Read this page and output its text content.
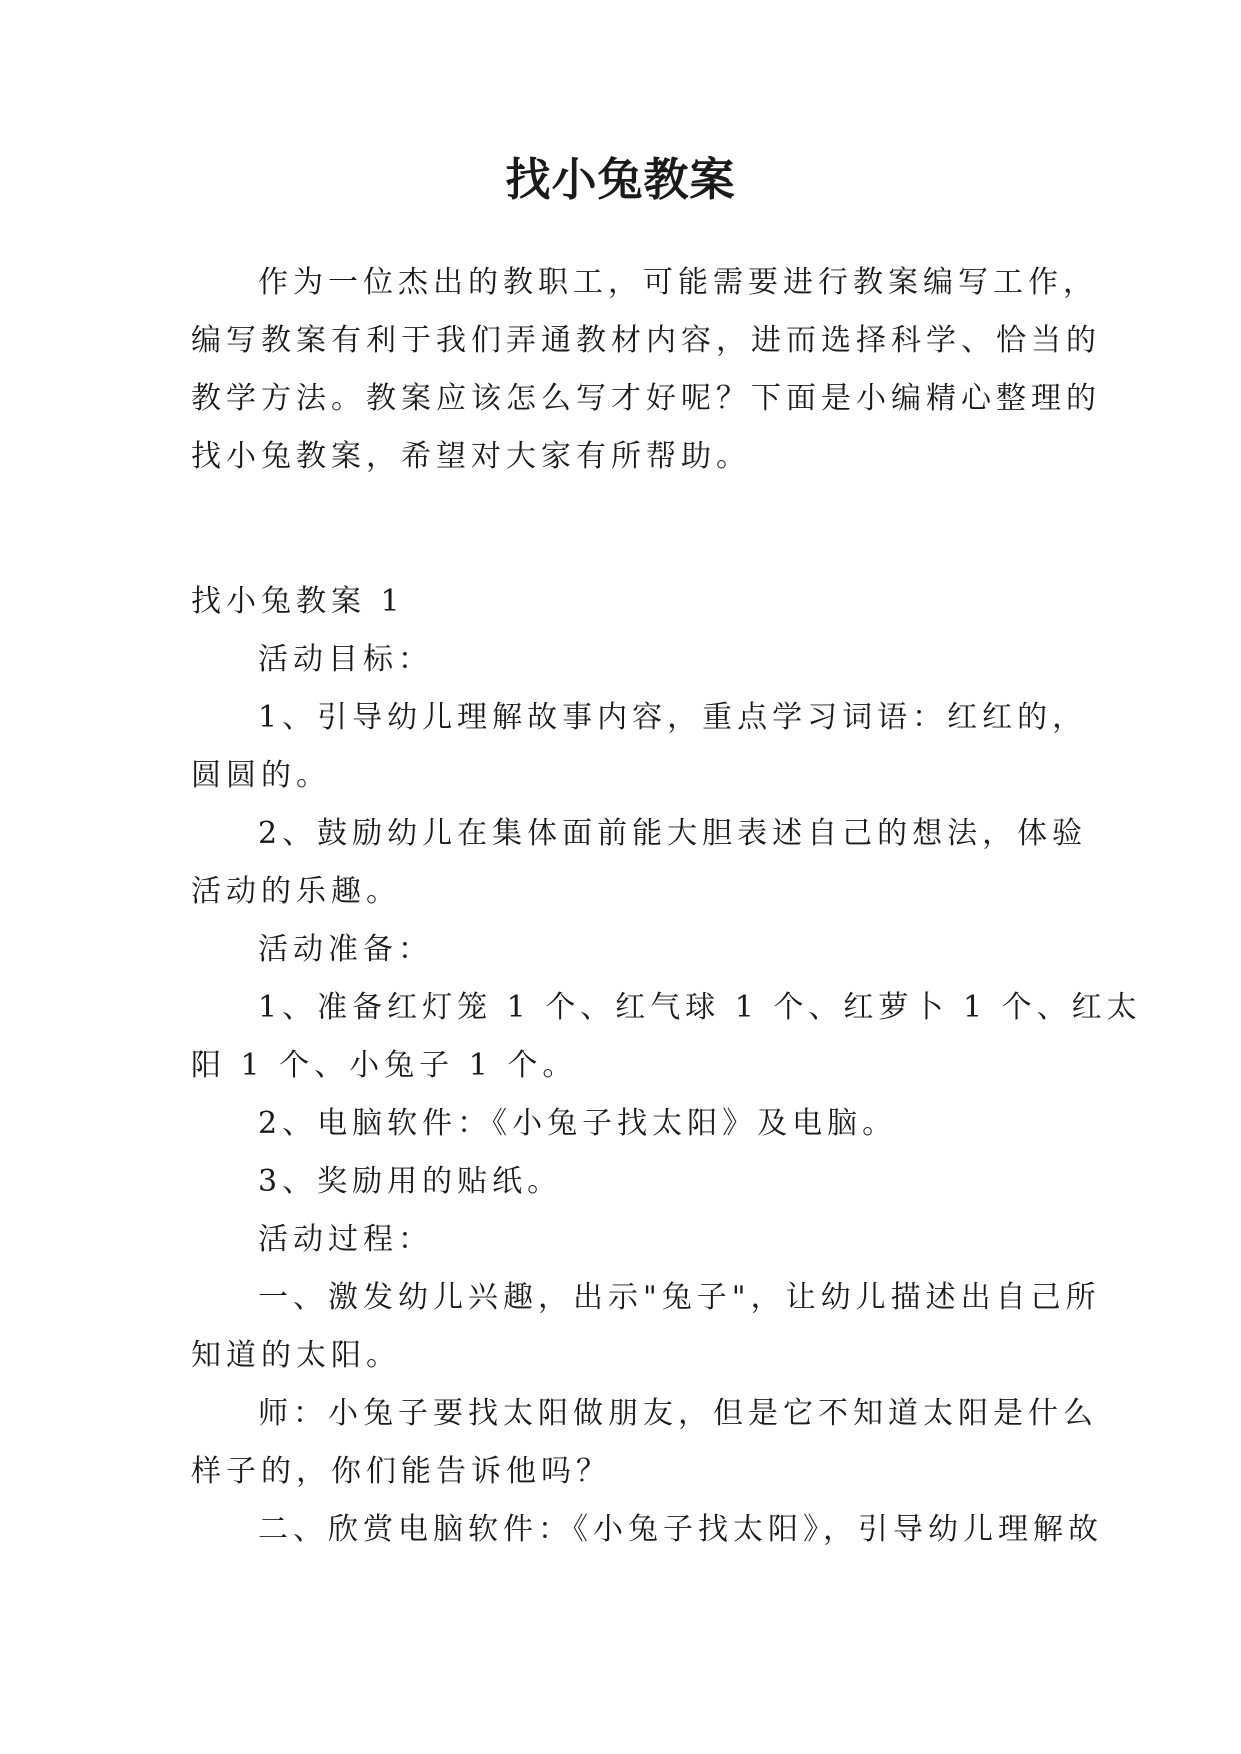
找小兔教案
作为一位杰出的教职工，可能需要进行教案编写工作，
编写教案有利于我们弄通教材内容，进而选择科学、恰当的
教学方法。教案应该怎么写才好呢？下面是小编精心整理的
找小兔教案，希望对大家有所帮助。
找小兔教案 1
活动目标：
1、引导幼儿理解故事内容，重点学习词语：红红的，
圆圆的。
2、鼓励幼儿在集体面前能大胆表述自己的想法，体验
活动的乐趣。
活动准备：
1、准备红灯笼 1 个、红气球 1 个、红萝卜 1 个、红太
阳 1 个、小兔子 1 个。
2、电脑软件：《小兔子找太阳》及电脑。
3、奖励用的贴纸。
活动过程：
一、激发幼儿兴趣，出示"兔子"，让幼儿描述出自己所
知道的太阳。
师：小兔子要找太阳做朋友，但是它不知道太阳是什么
样子的，你们能告诉他吗？
二、欣赏电脑软件：《小兔子找太阳》，引导幼儿理解故
